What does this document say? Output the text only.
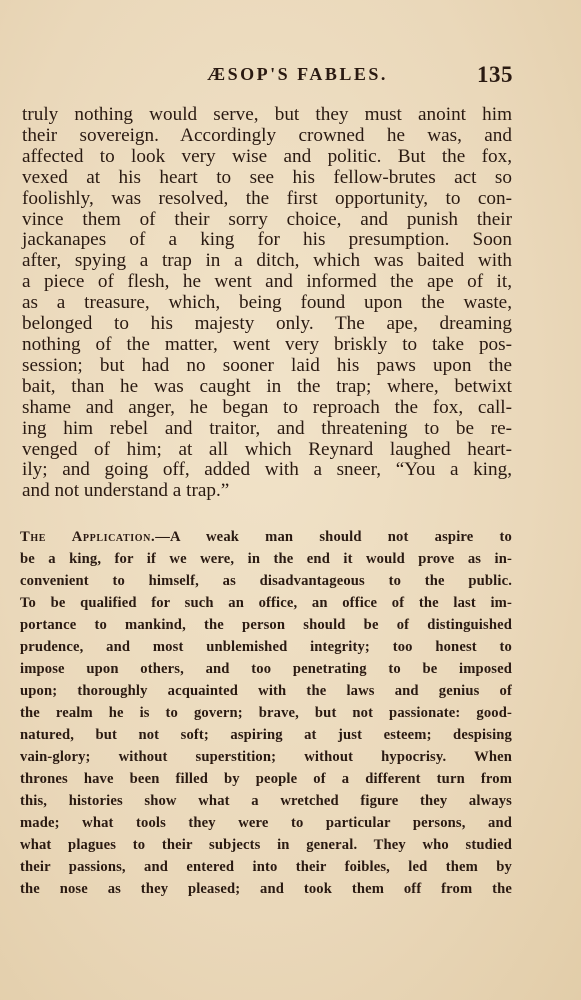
ÆSOP'S FABLES.	135
truly nothing would serve, but they must anoint him
their sovereign. Accordingly crowned he was, and
affected to look very wise and politic. But the fox,
vexed at his heart to see his fellow-brutes act so
foolishly, was resolved, the first opportunity, to con-
vince them of their sorry choice, and punish their
jackanapes of a king for his presumption. Soon
after, spying a trap in a ditch, which was baited with
a piece of flesh, he went and informed the ape of it,
as a treasure, which, being found upon the waste,
belonged to his majesty only. The ape, dreaming
nothing of the matter, went very briskly to take pos-
session; but had no sooner laid his paws upon the
bait, than he was caught in the trap; where, betwixt
shame and anger, he began to reproach the fox, call-
ing him rebel and traitor, and threatening to be re-
venged of him; at all which Reynard laughed heart-
ily; and going off, added with a sneer, “You a king,
and not understand a trap.”
The Application.—A weak man should not aspire to
be a king, for if we were, in the end it would prove as in-
convenient to himself, as disadvantageous to the public.
To be qualified for such an office, an office of the last im-
portance to mankind, the person should be of distinguished
prudence, and most unblemished integrity; too honest to
impose upon others, and too penetrating to be imposed
upon; thoroughly acquainted with the laws and genius of
the realm he is to govern; brave, but not passionate: good-
natured, but not soft; aspiring at just esteem; despising
vain-glory; without superstition; without hypocrisy. When
thrones have been filled by people of a different turn from
this, histories show what a wretched figure they always
made; what tools they were to particular persons, and
what plagues to their subjects in general. They who studied
their passions, and entered into their foibles, led them by
the nose as they pleased; and took them off from the
